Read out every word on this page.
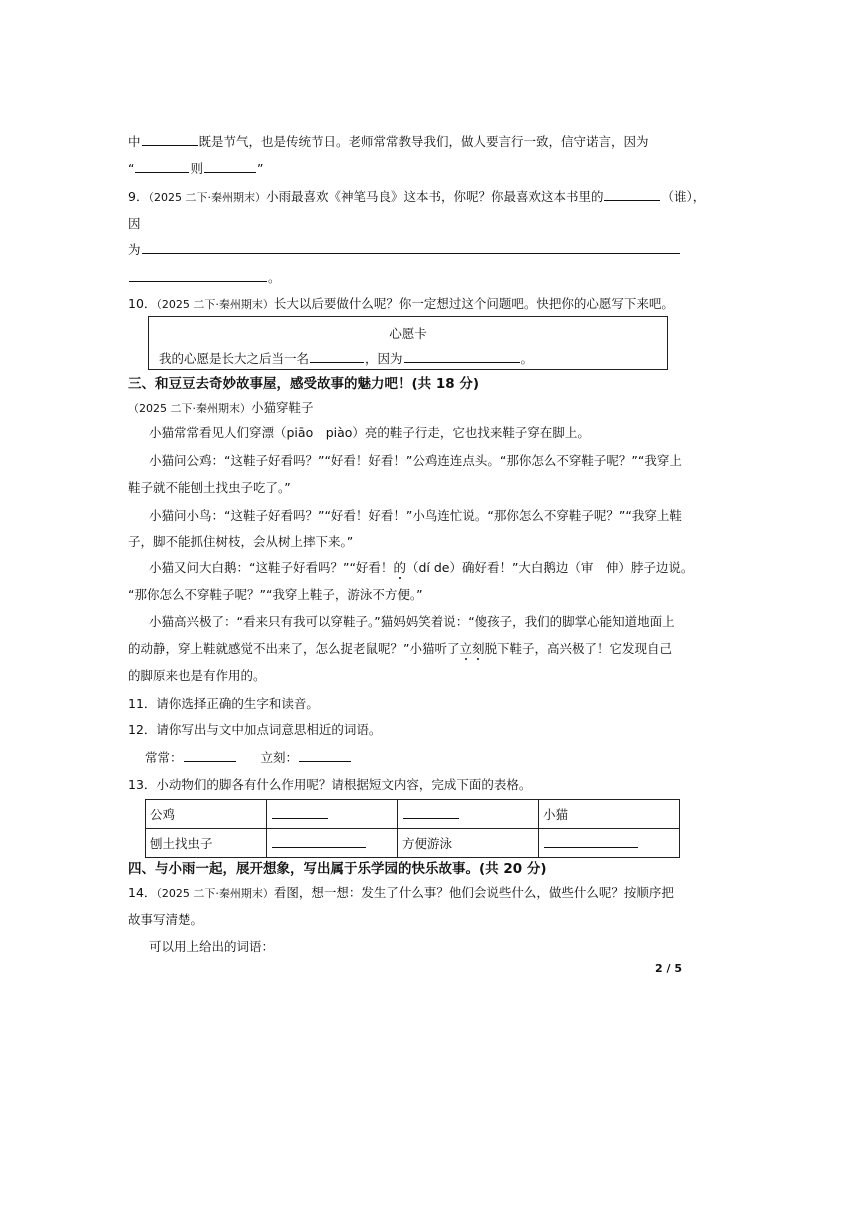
中	既是节气，也是传统节日。老师常常教导我们，做人要言行一致，信守诺言，因为
“	则	”
9．（2025 二下·秦州期末）小雨最喜欢《神笔马良》这本书，你呢？你最喜欢这本书里的	（谁），
因
为
。
10．（2025 二下·秦州期末）长大以后要做什么呢？你一定想过这个问题吧。快把你的心愿写下来吧。
心愿卡
我的心愿是长大之后当一名	，因为	。
三、和豆豆去奇妙故事屋，感受故事的魅力吧！(共 18 分)
（2025 二下·秦州期末）小猫穿鞋子
小猫常常看见人们穿漂（piāo　piào）亮的鞋子行走，它也找来鞋子穿在脚上。
小猫问公鸡：“这鞋子好看吗？”“好看！好看！”公鸡连连点头。“那你怎么不穿鞋子呢？”“我穿上
鞋子就不能刨土找虫子吃了。”
小猫问小鸟：“这鞋子好看吗？”“好看！好看！”小鸟连忙说。“那你怎么不穿鞋子呢？”“我穿上鞋
子，脚不能抓住树枝，会从树上摔下来。”
小猫又问大白鹅：“这鞋子好看吗？”“好看！的（dí de）确好看！”大白鹅边（审　伸）脖子边说。
“那你怎么不穿鞋子呢？”“我穿上鞋子，游泳不方便。”
小猫高兴极了：“看来只有我可以穿鞋子。”猫妈妈笑着说：“傻孩子，我们的脚掌心能知道地面上
的动静，穿上鞋就感觉不出来了，怎么捉老鼠呢？”小猫听了立刻脱下鞋子，高兴极了！它发现自己
的脚原来也是有作用的。
11．请你选择正确的生字和读音。
12．请你写出与文中加点词意思相近的词语。
常常：	立刻：
13．小动物们的脚各有什么作用呢？请根据短文内容，完成下面的表格。
公鸡			小猫
刨土找虫子		方便游泳	
四、与小雨一起，展开想象，写出属于乐学园的快乐故事。(共 20 分)
14．（2025 二下·秦州期末）看图，想一想：发生了什么事？他们会说些什么，做些什么呢？按顺序把
故事写清楚。
可以用上给出的词语：
2 / 5
